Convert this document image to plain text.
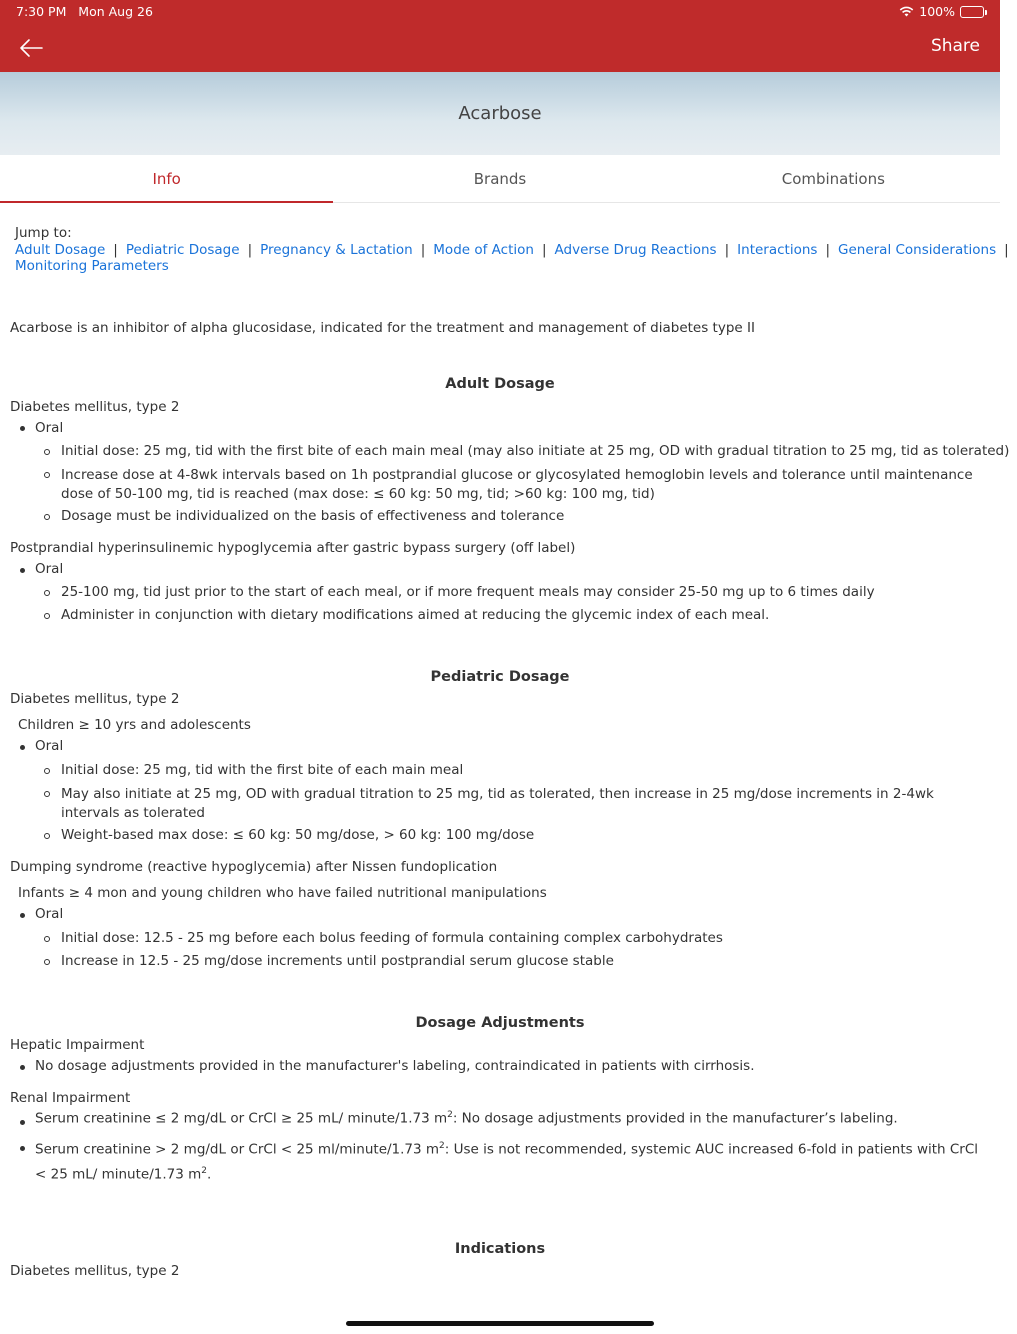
7:30 PM Mon Aug 26	100%
Share
Acarbose
Info	Brands	Combinations
Jump to:
Adult Dosage | Pediatric Dosage | Pregnancy & Lactation | Mode of Action | Adverse Drug Reactions | Interactions | General Considerations |
Monitoring Parameters
Acarbose is an inhibitor of alpha glucosidase, indicated for the treatment and management of diabetes type II
Adult Dosage
Diabetes mellitus, type 2
Oral
Initial dose: 25 mg, tid with the first bite of each main meal (may also initiate at 25 mg, OD with gradual titration to 25 mg, tid as tolerated)
Increase dose at 4-8wk intervals based on 1h postprandial glucose or glycosylated hemoglobin levels and tolerance until maintenance dose of 50-100 mg, tid is reached (max dose: ≤ 60 kg: 50 mg, tid; >60 kg: 100 mg, tid)
Dosage must be individualized on the basis of effectiveness and tolerance
Postprandial hyperinsulinemic hypoglycemia after gastric bypass surgery (off label)
Oral
25-100 mg, tid just prior to the start of each meal, or if more frequent meals may consider 25-50 mg up to 6 times daily
Administer in conjunction with dietary modifications aimed at reducing the glycemic index of each meal.
Pediatric Dosage
Diabetes mellitus, type 2
Children ≥ 10 yrs and adolescents
Oral
Initial dose: 25 mg, tid with the first bite of each main meal
May also initiate at 25 mg, OD with gradual titration to 25 mg, tid as tolerated, then increase in 25 mg/dose increments in 2-4wk intervals as tolerated
Weight-based max dose: ≤ 60 kg: 50 mg/dose, > 60 kg: 100 mg/dose
Dumping syndrome (reactive hypoglycemia) after Nissen fundoplication
Infants ≥ 4 mon and young children who have failed nutritional manipulations
Oral
Initial dose: 12.5 - 25 mg before each bolus feeding of formula containing complex carbohydrates
Increase in 12.5 - 25 mg/dose increments until postprandial serum glucose stable
Dosage Adjustments
Hepatic Impairment
No dosage adjustments provided in the manufacturer's labeling, contraindicated in patients with cirrhosis.
Renal Impairment
Serum creatinine ≤ 2 mg/dL or CrCl ≥ 25 mL/ minute/1.73 $m^2$: No dosage adjustments provided in the manufacturer’s labeling.
Serum creatinine > 2 mg/dL or CrCl < 25 ml/minute/1.73 $m^2$: Use is not recommended, systemic AUC increased 6-fold in patients with CrCl < 25 mL/ minute/1.73 $m^2$.
Indications
Diabetes mellitus, type 2
